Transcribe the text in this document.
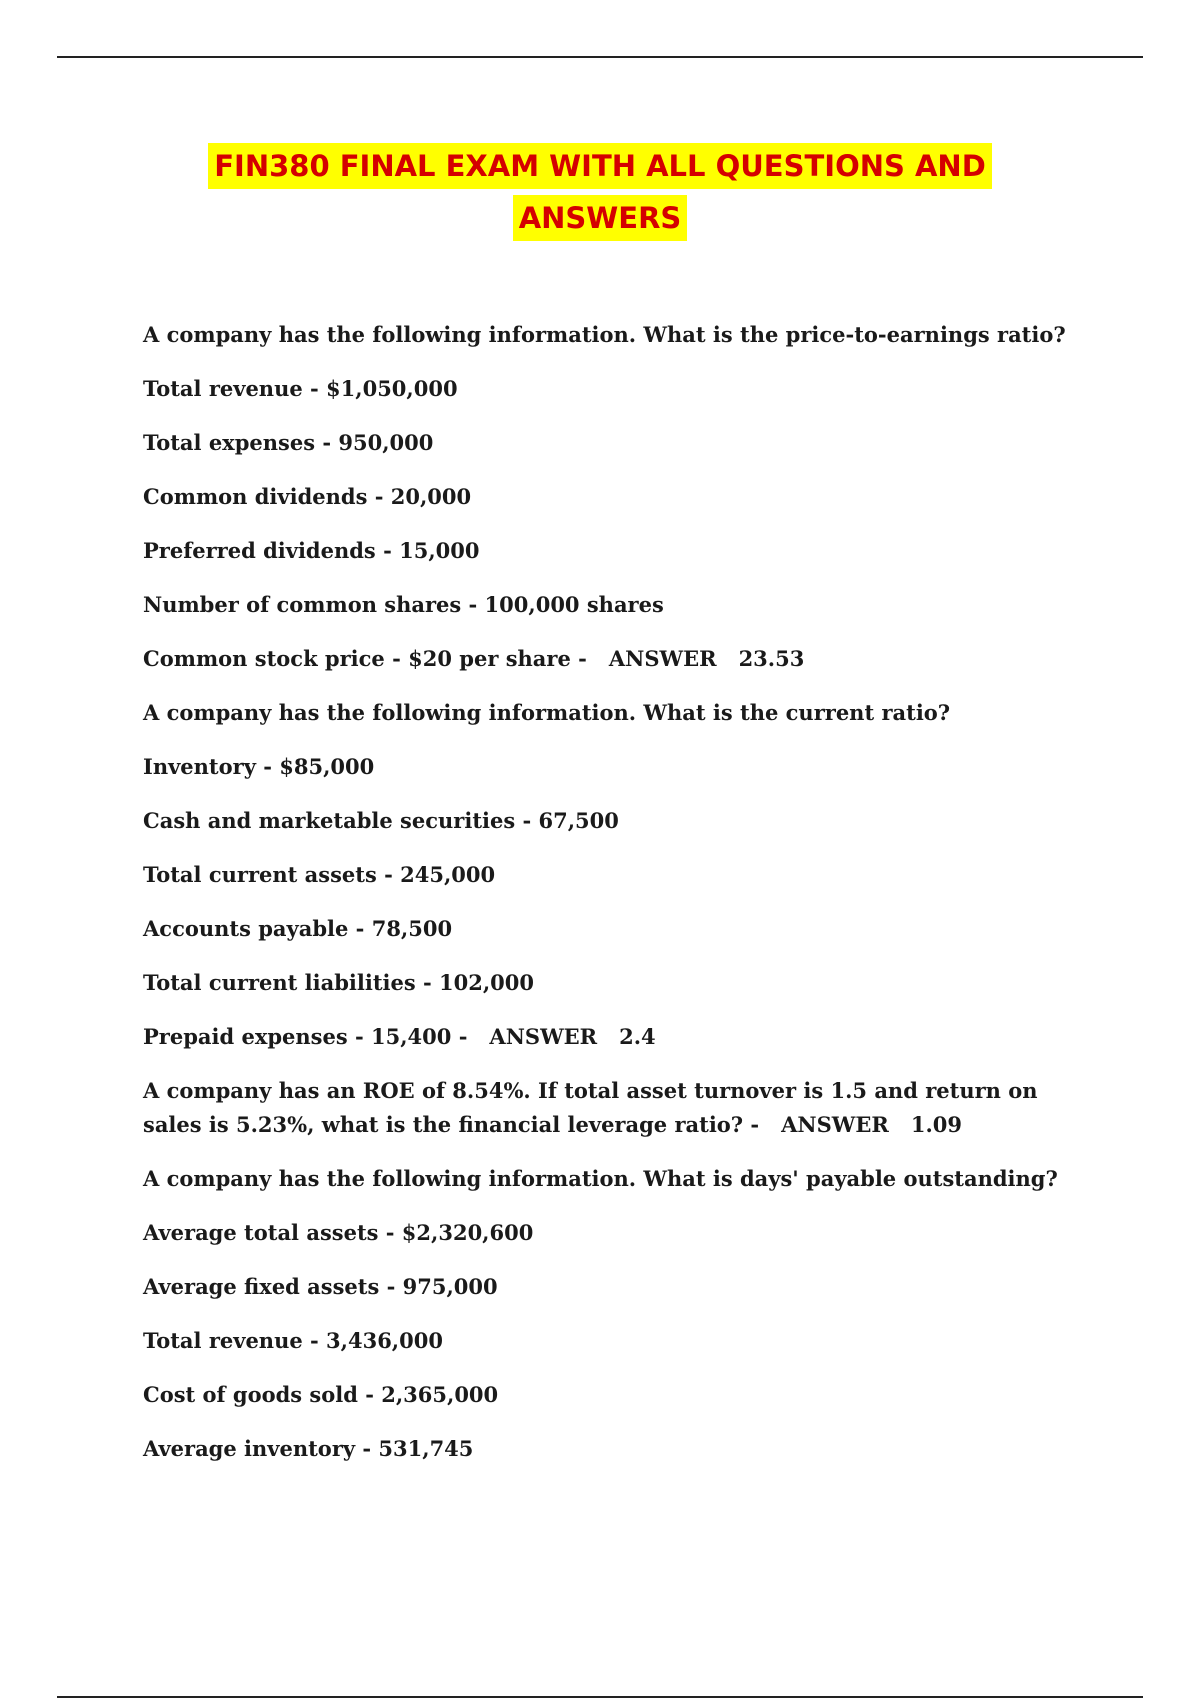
FIN380 FINAL EXAM WITH ALL QUESTIONS AND
ANSWERS
A company has the following information. What is the price-to-earnings ratio?
Total revenue - $1,050,000
Total expenses - 950,000
Common dividends - 20,000
Preferred dividends - 15,000
Number of common shares - 100,000 shares
Common stock price - $20 per share - ANSWER 23.53
A company has the following information. What is the current ratio?
Inventory - $85,000
Cash and marketable securities - 67,500
Total current assets - 245,000
Accounts payable - 78,500
Total current liabilities - 102,000
Prepaid expenses - 15,400 - ANSWER 2.4
A company has an ROE of 8.54%. If total asset turnover is 1.5 and return on sales is 5.23%, what is the financial leverage ratio? - ANSWER 1.09
A company has the following information. What is days' payable outstanding?
Average total assets - $2,320,600
Average fixed assets - 975,000
Total revenue - 3,436,000
Cost of goods sold - 2,365,000
Average inventory - 531,745
